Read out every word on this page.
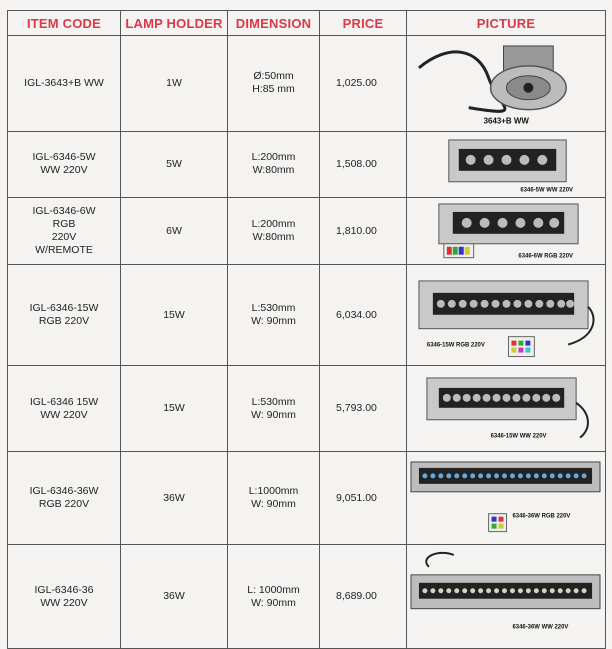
ITEM CODE	LAMP HOLDER	DIMENSION	PRICE	PICTURE
IGL-3643+B WW	1W	Ø:50mm
H:85 mm	1,025.00	3643+B WW

IGL-6346-5W
WW 220V	5W	L:200mm
W:80mm	1,508.00	6346-5W WW 220V

IGL-6346-6W
RGB
220V
W/REMOTE	6W	L:200mm
W:80mm	1,810.00	6346-6W RGB 220V

IGL-6346-15W
RGB 220V	15W	L:530mm
W: 90mm	6,034.00	6346-15W RGB 220V

IGL-6346 15W
WW 220V	15W	L:530mm
W: 90mm	5,793.00	6346-15W WW 220V

IGL-6346-36W
RGB 220V	36W	L:1000mm
W: 90mm	9,051.00	6346-36W RGB 220V

IGL-6346-36
WW 220V	36W	L: 1000mm
W: 90mm	8,689.00	6346-36W WW 220V
